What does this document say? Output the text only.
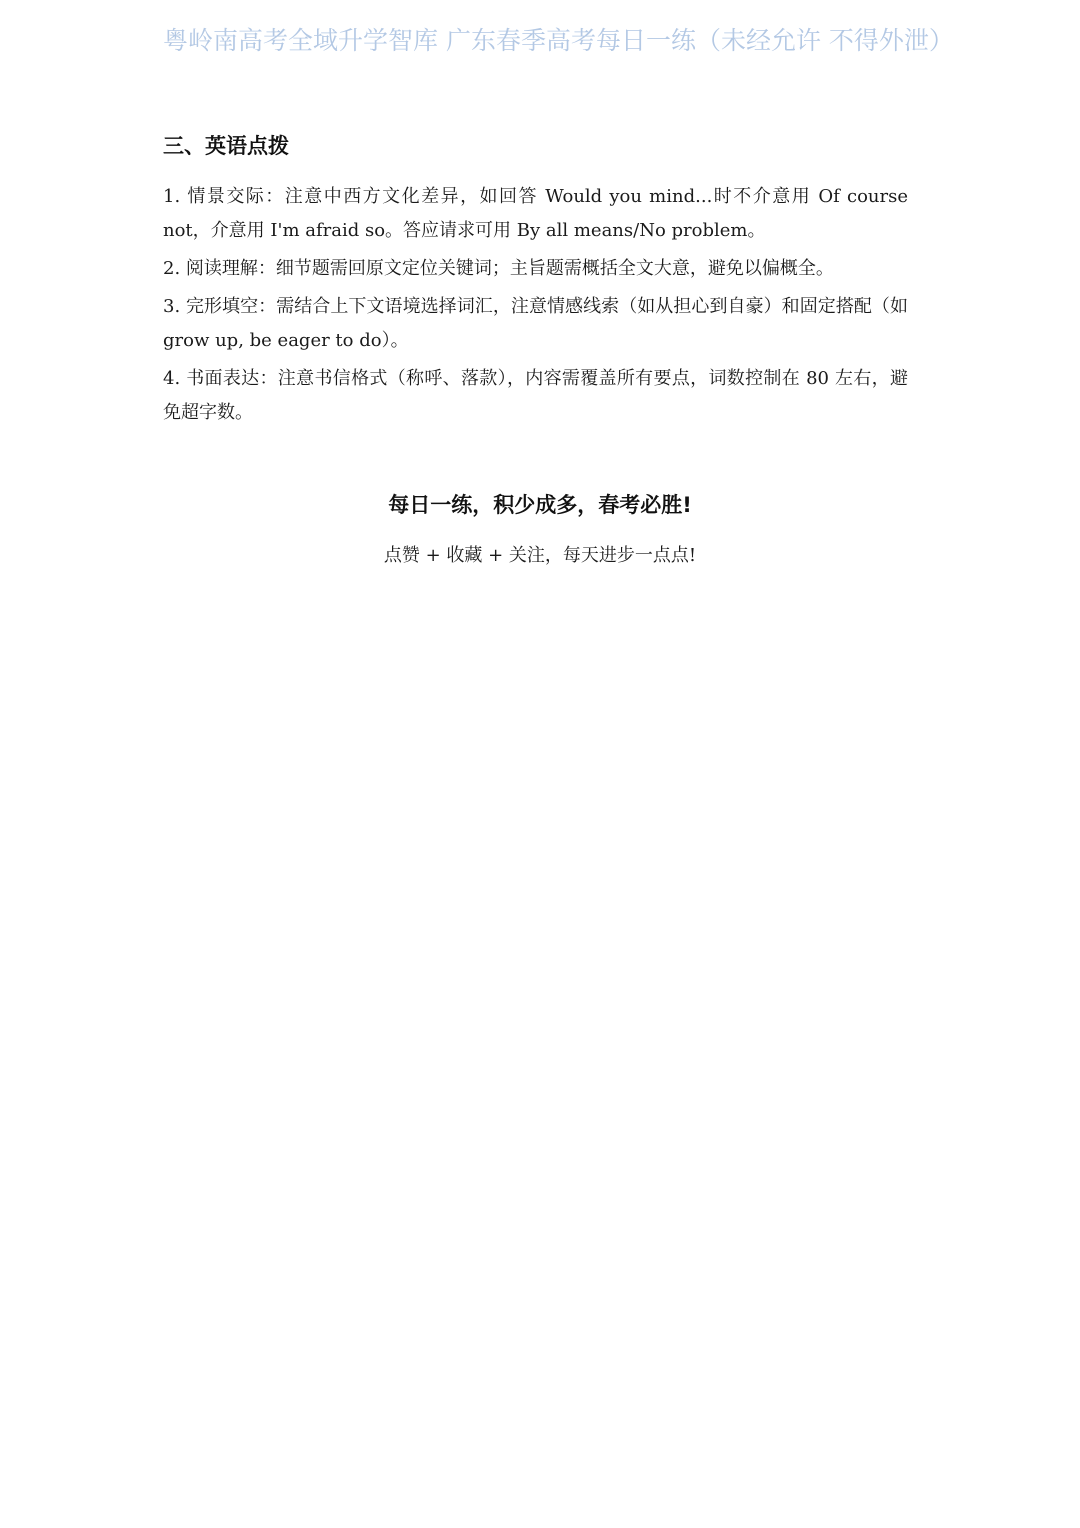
粤岭南高考全域升学智库 广东春季高考每日一练（未经允许 不得外泄）
三、英语点拨
1. 情景交际：注意中西方文化差异，如回答 Would you mind...时不介意用 Of course not，介意用 I'm afraid so。答应请求可用 By all means/No problem。
2. 阅读理解：细节题需回原文定位关键词；主旨题需概括全文大意，避免以偏概全。
3. 完形填空：需结合上下文语境选择词汇，注意情感线索（如从担心到自豪）和固定搭配（如 grow up, be eager to do）。
4. 书面表达：注意书信格式（称呼、落款），内容需覆盖所有要点，词数控制在 80 左右，避免超字数。
每日一练，积少成多，春考必胜!
点赞 + 收藏 + 关注，每天进步一点点!
